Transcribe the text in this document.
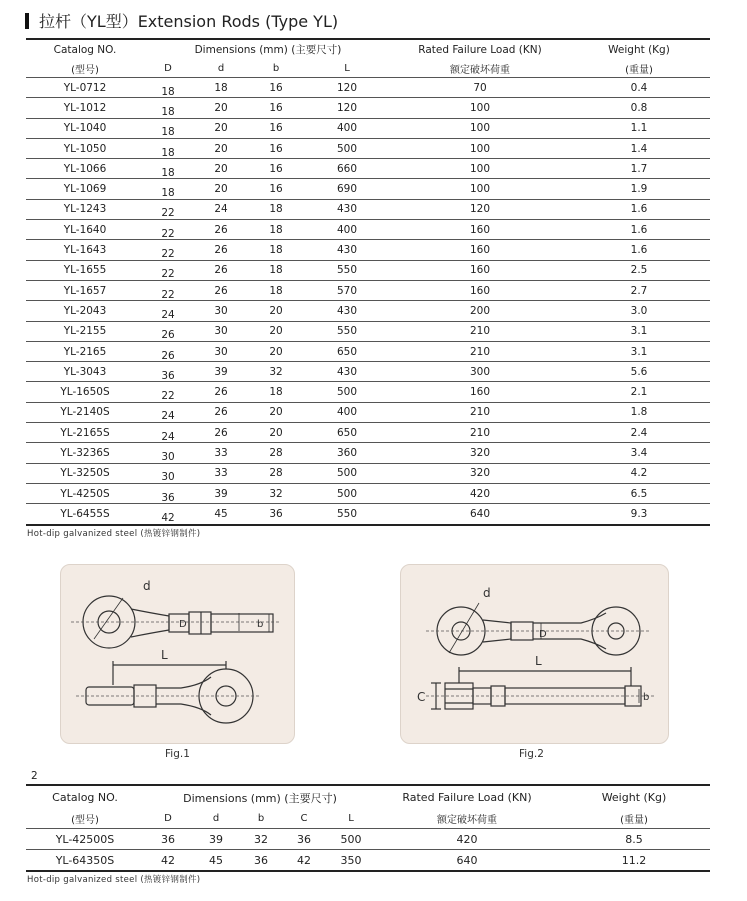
拉杆（YL型）Extension Rods (Type YL)
Catalog NO.	Dimensions (mm) (主要尺寸)				Rated Failure Load (KN)	Weight (Kg)
(型号)	D	d	b	L	额定破坏荷重	(重量)
YL-0712	18	18	16	120	70	0.4
YL-1012	18	20	16	120	100	0.8
YL-1040	18	20	16	400	100	1.1
YL-1050	18	20	16	500	100	1.4
YL-1066	18	20	16	660	100	1.7
YL-1069	18	20	16	690	100	1.9
YL-1243	22	24	18	430	120	1.6
YL-1640	22	26	18	400	160	1.6
YL-1643	22	26	18	430	160	1.6
YL-1655	22	26	18	550	160	2.5
YL-1657	22	26	18	570	160	2.7
YL-2043	24	30	20	430	200	3.0
YL-2155	26	30	20	550	210	3.1
YL-2165	26	30	20	650	210	3.1
YL-3043	36	39	32	430	300	5.6
YL-1650S	22	26	18	500	160	2.1
YL-2140S	24	26	20	400	210	1.8
YL-2165S	24	26	20	650	210	2.4
YL-3236S	30	33	28	360	320	3.4
YL-3250S	30	33	28	500	320	4.2
YL-4250S	36	39	32	500	420	6.5
YL-6455S	42	45	36	550	640	9.3
Hot-dip galvanized steel (热镀锌钢制件)
d
D	b
L
Fig.1
d
D
L
C	b
Fig.2
2
Catalog NO.	Dimensions (mm) (主要尺寸)					Rated Failure Load (KN)	Weight (Kg)
(型号)	D	d	b	C	L	额定破坏荷重	(重量)
YL-42500S	36	39	32	36	500	420	8.5
YL-64350S	42	45	36	42	350	640	11.2
Hot-dip galvanized steel (热镀锌钢制件)
